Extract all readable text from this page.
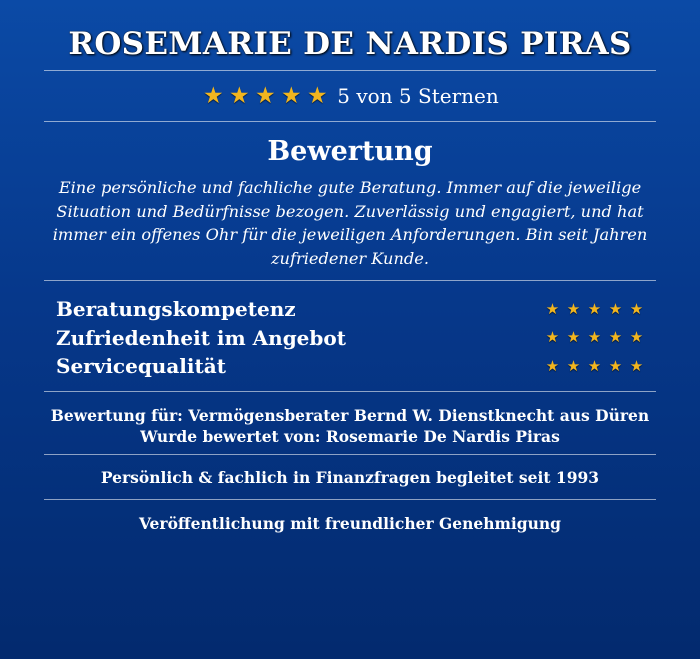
ROSEMARIE DE NARDIS PIRAS
★ ★ ★ ★ ★ 5 von 5 Sternen
Bewertung

Eine persönliche und fachliche gute Beratung. Immer auf die jeweilige Situation und Bedürfnisse bezogen. Zuverlässig und engagiert, und hat immer ein offenes Ohr für die jeweiligen Anforderungen. Bin seit Jahren zufriedener Kunde.

Beratungskompetenz	★ ★ ★ ★ ★
Zufriedenheit im Angebot	★ ★ ★ ★ ★
Servicequalität	★ ★ ★ ★ ★
Bewertung für: Vermögensberater Bernd W. Dienstknecht aus Düren
Wurde bewertet von: Rosemarie De Nardis Piras
Persönlich & fachlich in Finanzfragen begleitet seit 1993
Veröffentlichung mit freundlicher Genehmigung
